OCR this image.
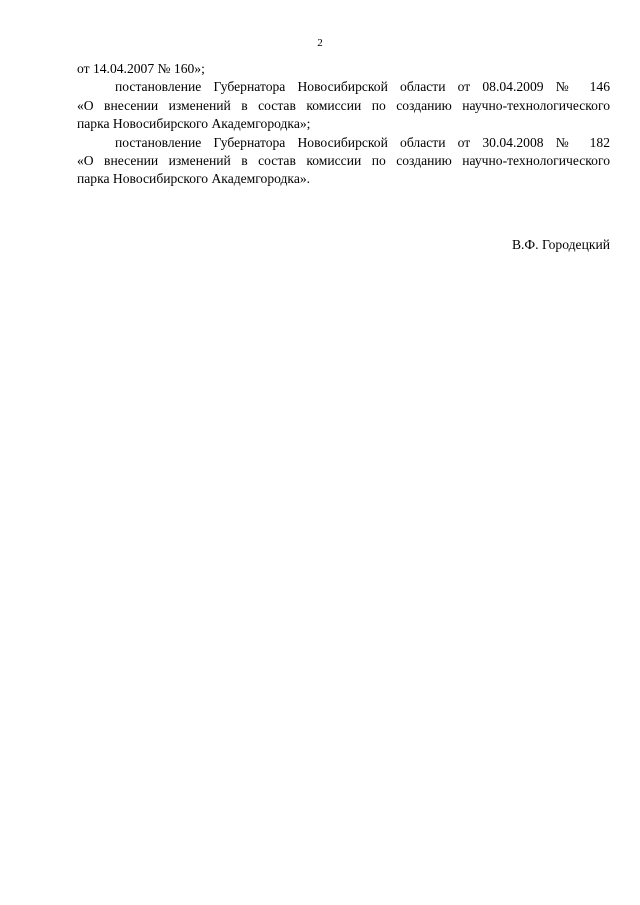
2
от 14.04.2007 № 160»;
постановление Губернатора Новосибирской области от 08.04.2009 № 146
«О внесении изменений в состав комиссии по созданию научно-технологического
парка Новосибирского Академгородка»;
постановление Губернатора Новосибирской области от 30.04.2008 № 182
«О внесении изменений в состав комиссии по созданию научно-технологического
парка Новосибирского Академгородка».
В.Ф. Городецкий
